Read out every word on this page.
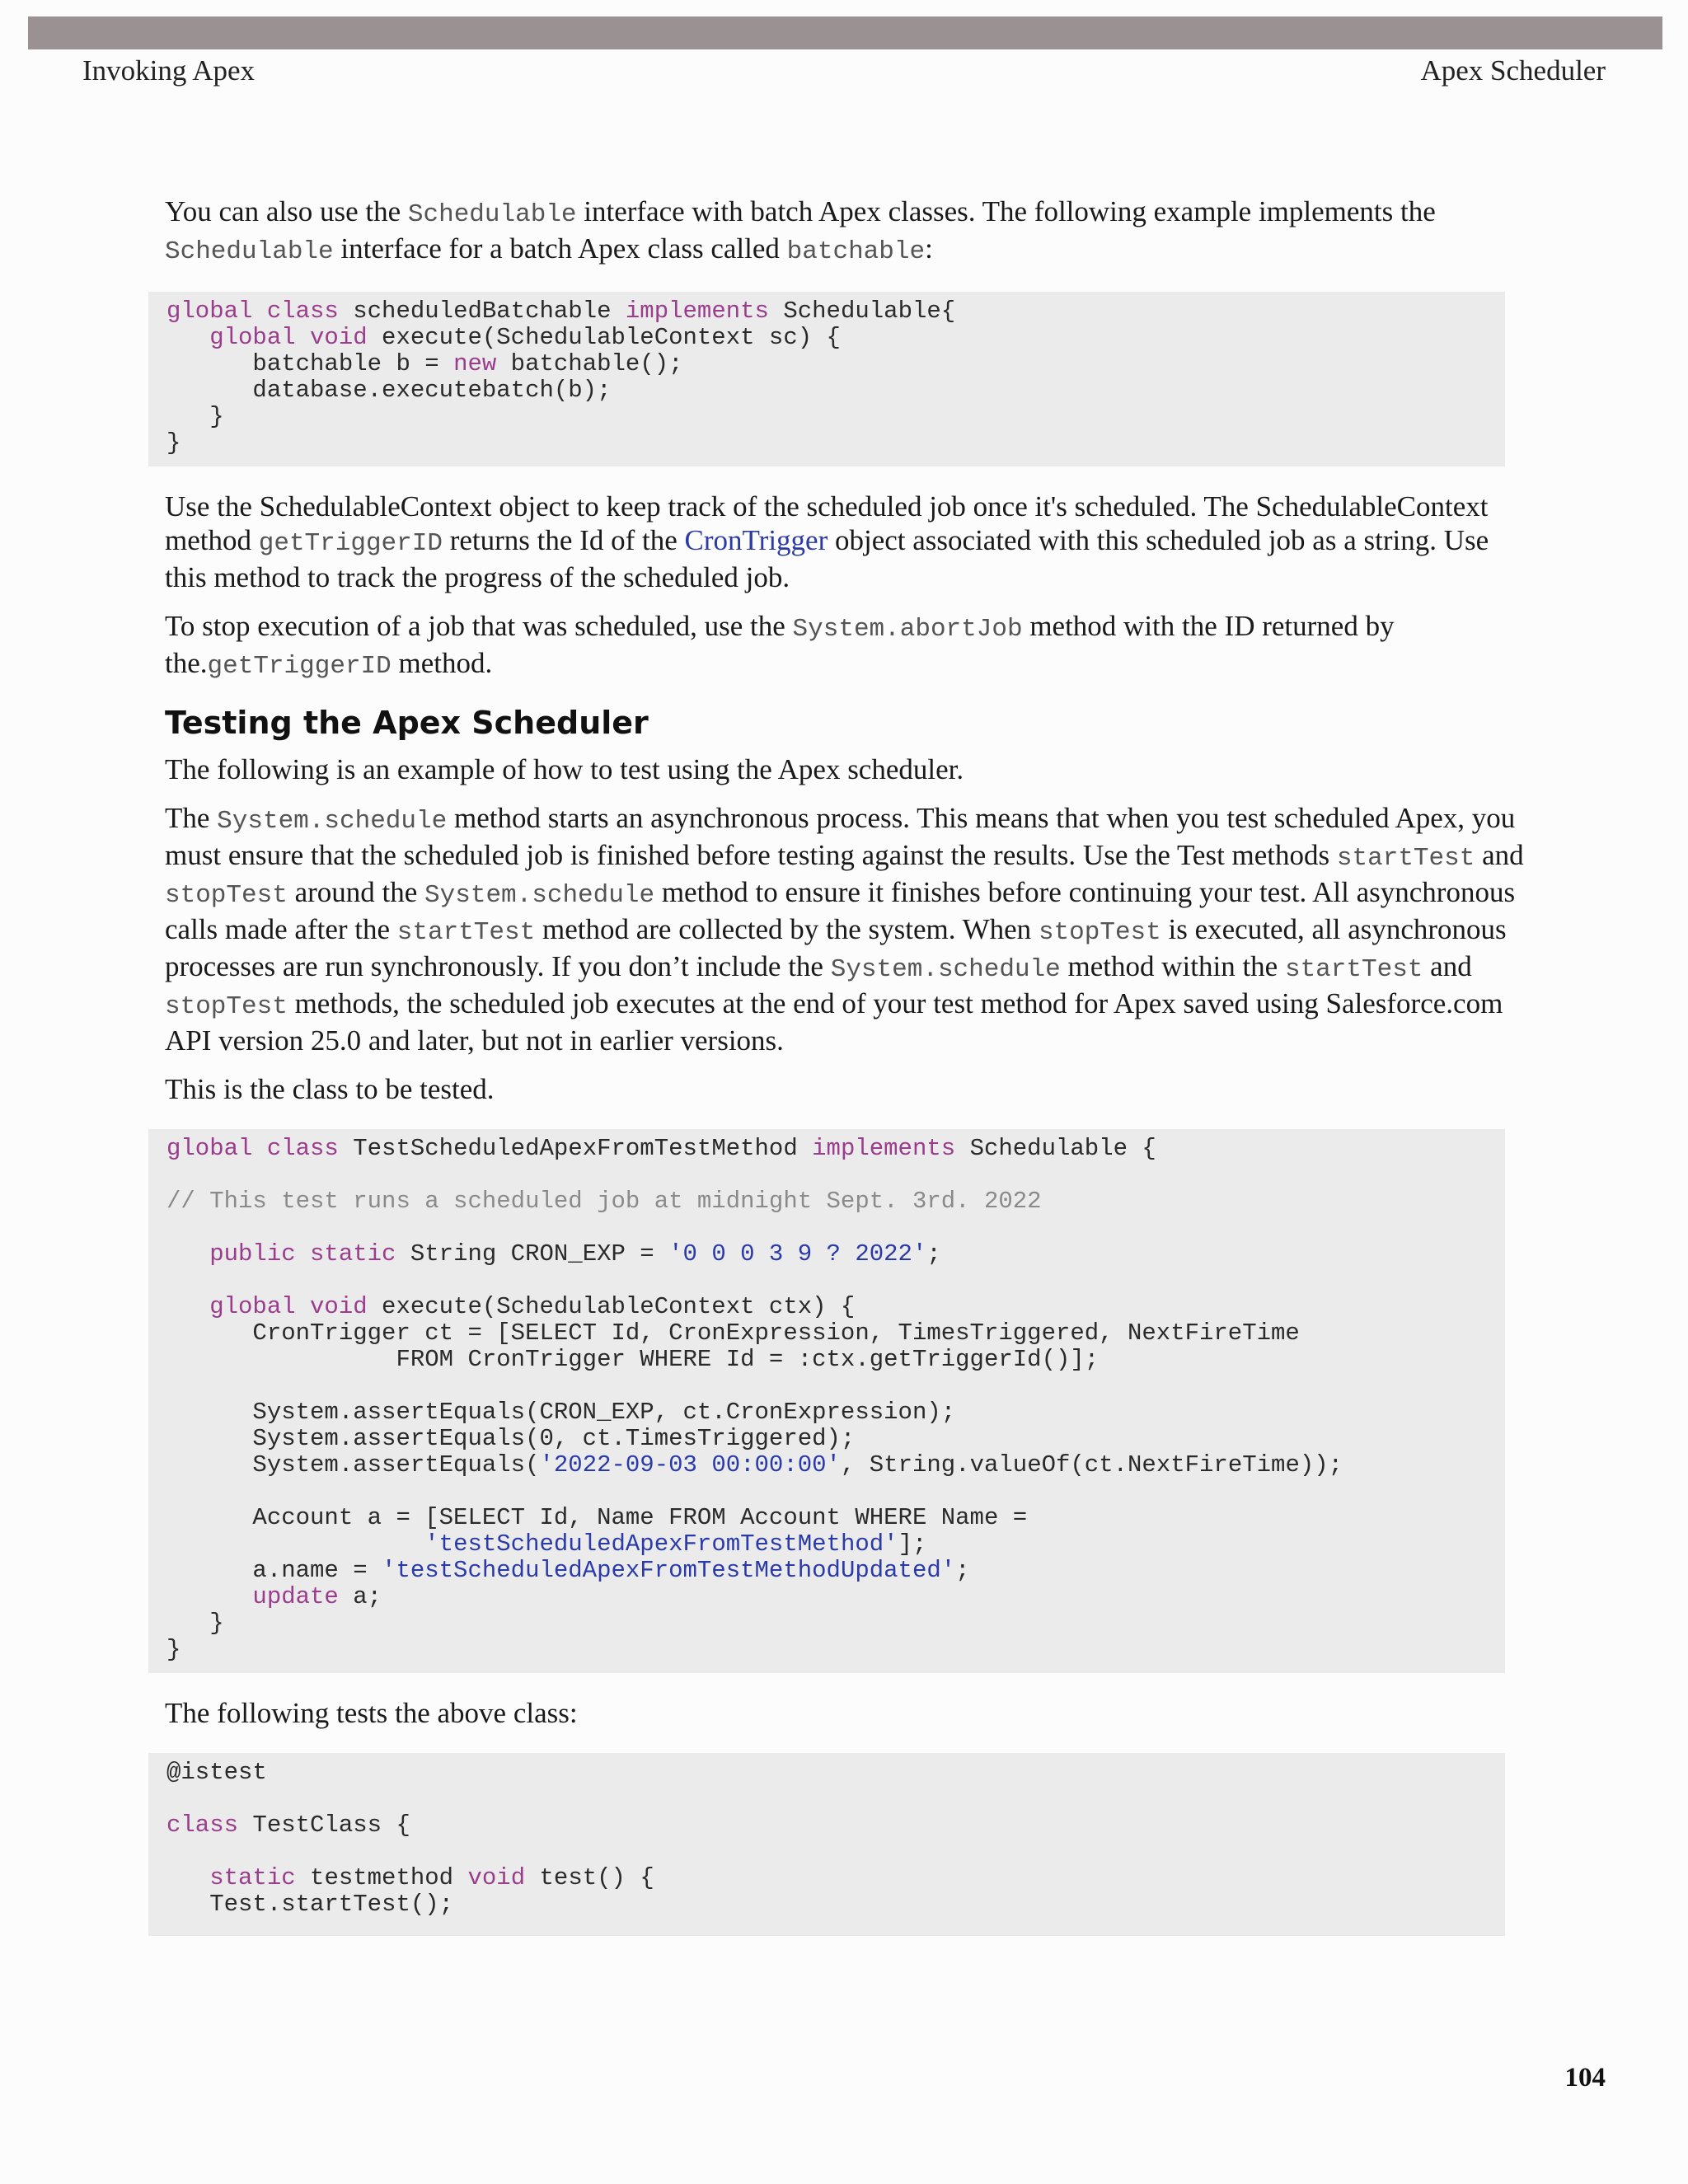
Invoking Apex	Apex Scheduler

You can also use the Schedulable interface with batch Apex classes. The following example implements the Schedulable interface for a batch Apex class called batchable:

global class scheduledBatchable implements Schedulable{
global void execute(SchedulableContext sc) {
batchable b = new batchable();
database.executebatch(b);
}
}

Use the SchedulableContext object to keep track of the scheduled job once it's scheduled. The SchedulableContext method getTriggerID returns the Id of the CronTrigger object associated with this scheduled job as a string. Use this method to track the progress of the scheduled job.

To stop execution of a job that was scheduled, use the System.abortJob method with the ID returned by the.getTriggerID method.

Testing the Apex Scheduler

The following is an example of how to test using the Apex scheduler.

The System.schedule method starts an asynchronous process. This means that when you test scheduled Apex, you must ensure that the scheduled job is finished before testing against the results. Use the Test methods startTest and stopTest around the System.schedule method to ensure it finishes before continuing your test. All asynchronous calls made after the startTest method are collected by the system. When stopTest is executed, all asynchronous processes are run synchronously. If you don’t include the System.schedule method within the startTest and stopTest methods, the scheduled job executes at the end of your test method for Apex saved using Salesforce.com API version 25.0 and later, but not in earlier versions.

This is the class to be tested.

global class TestScheduledApexFromTestMethod implements Schedulable {

// This test runs a scheduled job at midnight Sept. 3rd. 2022

public static String CRON_EXP = '0 0 0 3 9 ? 2022';

global void execute(SchedulableContext ctx) {
CronTrigger ct = [SELECT Id, CronExpression, TimesTriggered, NextFireTime
FROM CronTrigger WHERE Id = :ctx.getTriggerId()];

System.assertEquals(CRON_EXP, ct.CronExpression);
System.assertEquals(0, ct.TimesTriggered);
System.assertEquals('2022-09-03 00:00:00', String.valueOf(ct.NextFireTime));

Account a = [SELECT Id, Name FROM Account WHERE Name =
'testScheduledApexFromTestMethod'];
a.name = 'testScheduledApexFromTestMethodUpdated';
update a;
}
}

The following tests the above class:

@istest

class TestClass {

static testmethod void test() {
Test.startTest();

104
